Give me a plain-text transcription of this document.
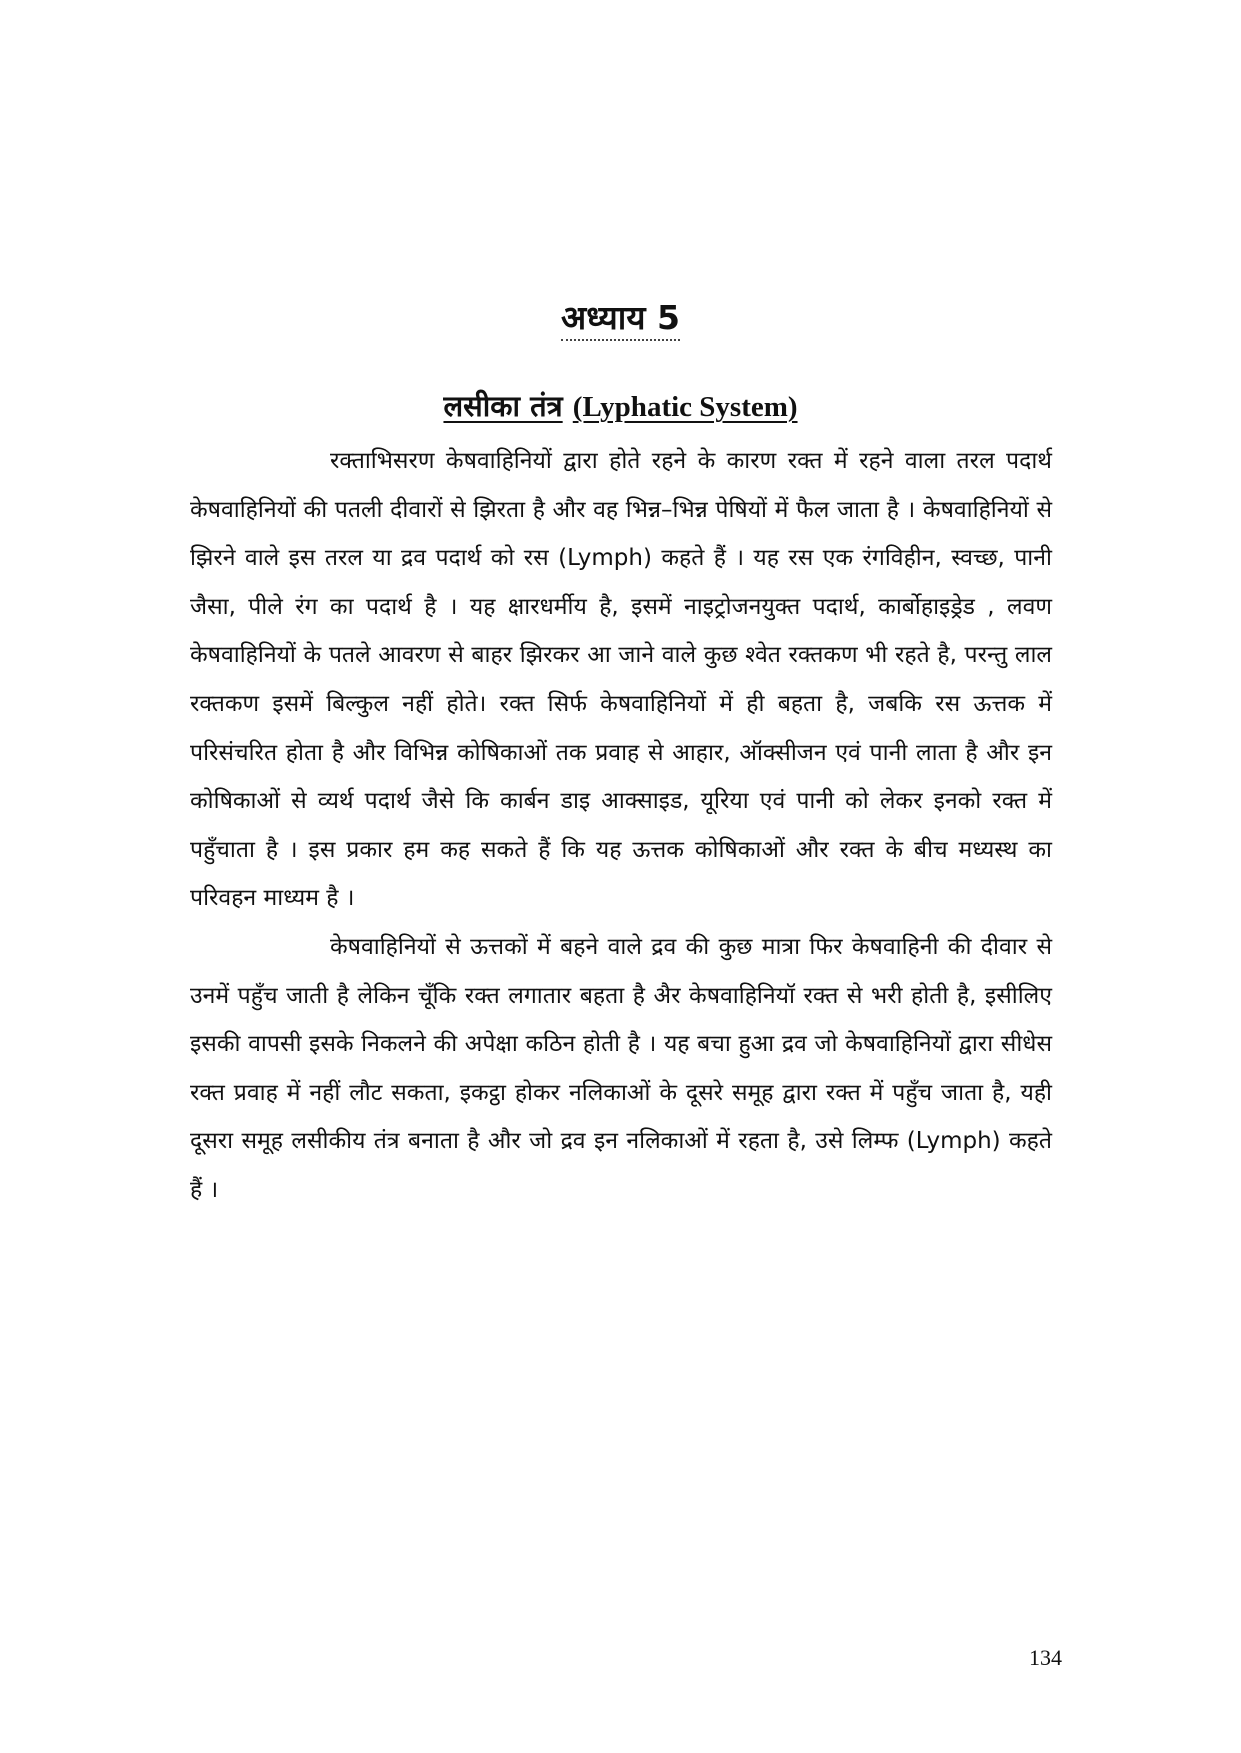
अध्याय 5
लसीका तंत्र (Lyphatic System)

रक्ताभिसरण केषवाहिनियों द्वारा होते रहने के कारण रक्त में रहने वाला तरल पदार्थ केषवाहिनियों की पतली दीवारों से झिरता है और वह भिन्न–भिन्न पेषियों में फैल जाता है । केषवाहिनियों से झिरने वाले इस तरल या द्रव पदार्थ को रस (Lymph) कहते हैं । यह रस एक रंगविहीन, स्वच्छ, पानी जैसा, पीले रंग का पदार्थ है । यह क्षारधर्मीय है, इसमें नाइट्रोजनयुक्त पदार्थ, कार्बोहाइड्रेड , लवण केषवाहिनियों के पतले आवरण से बाहर झिरकर आ जाने वाले कुछ श्वेत रक्तकण भी रहते है, परन्तु लाल रक्तकण इसमें बिल्कुल नहीं होते। रक्त सिर्फ केषवाहिनियों में ही बहता है, जबकि रस ऊत्तक में परिसंचरित होता है और विभिन्न कोषिकाओं तक प्रवाह से आहार, ऑक्सीजन एवं पानी लाता है और इन कोषिकाओं से व्यर्थ पदार्थ जैसे कि कार्बन डाइ आक्साइड, यूरिया एवं पानी को लेकर इनको रक्त में पहुँचाता है । इस प्रकार हम कह सकते हैं कि यह ऊत्तक कोषिकाओं और रक्त के बीच मध्यस्थ का परिवहन माध्यम है ।

केषवाहिनियों से ऊत्तकों में बहने वाले द्रव की कुछ मात्रा फिर केषवाहिनी की दीवार से उनमें पहुँच जाती है लेकिन चूँकि रक्त लगातार बहता है अैर केषवाहिनियॉ रक्त से भरी होती है, इसीलिए इसकी वापसी इसके निकलने की अपेक्षा कठिन होती है । यह बचा हुआ द्रव जो केषवाहिनियों द्वारा सीधेस रक्त प्रवाह में नहीं लौट सकता, इकट्ठा होकर नलिकाओं के दूसरे समूह द्वारा रक्त में पहुँच जाता है, यही दूसरा समूह लसीकीय तंत्र बनाता है और जो द्रव इन नलिकाओं में रहता है, उसे लिम्फ (Lymph) कहते हैं ।

134
